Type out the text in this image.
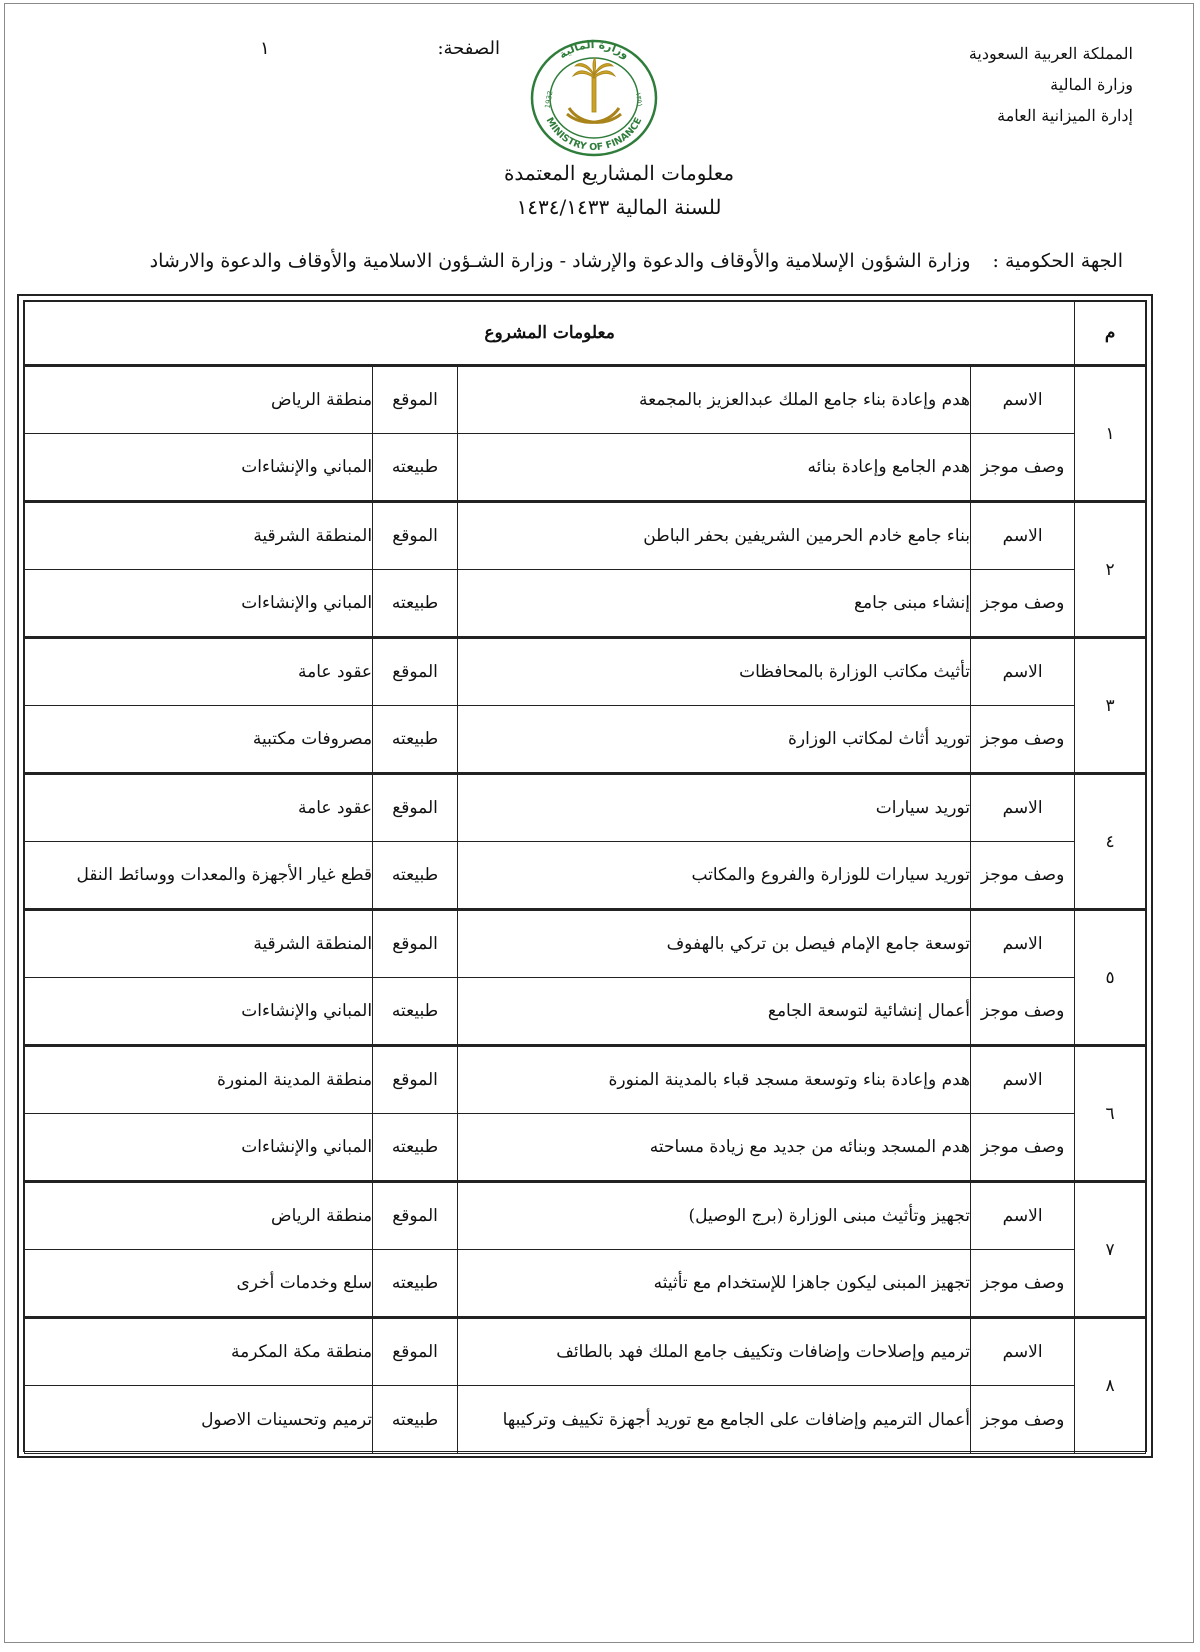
المملكة العربية السعودية
وزارة المالية
إدارة الميزانية العامة
وزارة المالية
MINISTRY OF FINANCE
1932	١٣٥١
الصفحة:
١
معلومات المشاريع المعتمدة
للسنة المالية ١٤٣٤/١٤٣٣
الجهة الحكومية :وزارة الشؤون الإسلامية والأوقاف والدعوة والإرشاد - وزارة الشـؤون الاسلامية والأوقاف والدعوة والارشاد
م	معلومات المشروع			
١	الاسم	هدم وإعادة بناء جامع الملك عبدالعزيز بالمجمعة	الموقع	منطقة الرياض
	وصف موجز	هدم الجامع وإعادة بنائه	طبيعته	المباني والإنشاءات
٢	الاسم	بناء جامع خادم الحرمين الشريفين بحفر الباطن	الموقع	المنطقة الشرقية
	وصف موجز	إنشاء مبنى جامع	طبيعته	المباني والإنشاءات
٣	الاسم	تأثيث مكاتب الوزارة بالمحافظات	الموقع	عقود عامة
	وصف موجز	توريد أثاث لمكاتب الوزارة	طبيعته	مصروفات مكتبية
٤	الاسم	توريد سيارات	الموقع	عقود عامة
	وصف موجز	توريد سيارات للوزارة والفروع والمكاتب	طبيعته	قطع غيار الأجهزة والمعدات ووسائط النقل
٥	الاسم	توسعة جامع الإمام فيصل بن تركي بالهفوف	الموقع	المنطقة الشرقية
	وصف موجز	أعمال إنشائية لتوسعة الجامع	طبيعته	المباني والإنشاءات
٦	الاسم	هدم وإعادة بناء وتوسعة مسجد قباء بالمدينة المنورة	الموقع	منطقة المدينة المنورة
	وصف موجز	هدم المسجد وبنائه من جديد مع زيادة مساحته	طبيعته	المباني والإنشاءات
٧	الاسم	تجهيز وتأثيث مبنى الوزارة (برج الوصيل)	الموقع	منطقة الرياض
	وصف موجز	تجهيز المبنى ليكون جاهزا للإستخدام مع تأثيثه	طبيعته	سلع وخدمات أخرى
٨	الاسم	ترميم وإصلاحات وإضافات وتكييف جامع الملك فهد بالطائف	الموقع	منطقة مكة المكرمة
	وصف موجز	أعمال الترميم وإضافات على الجامع مع توريد أجهزة تكييف وتركيبها	طبيعته	ترميم وتحسينات الاصول
